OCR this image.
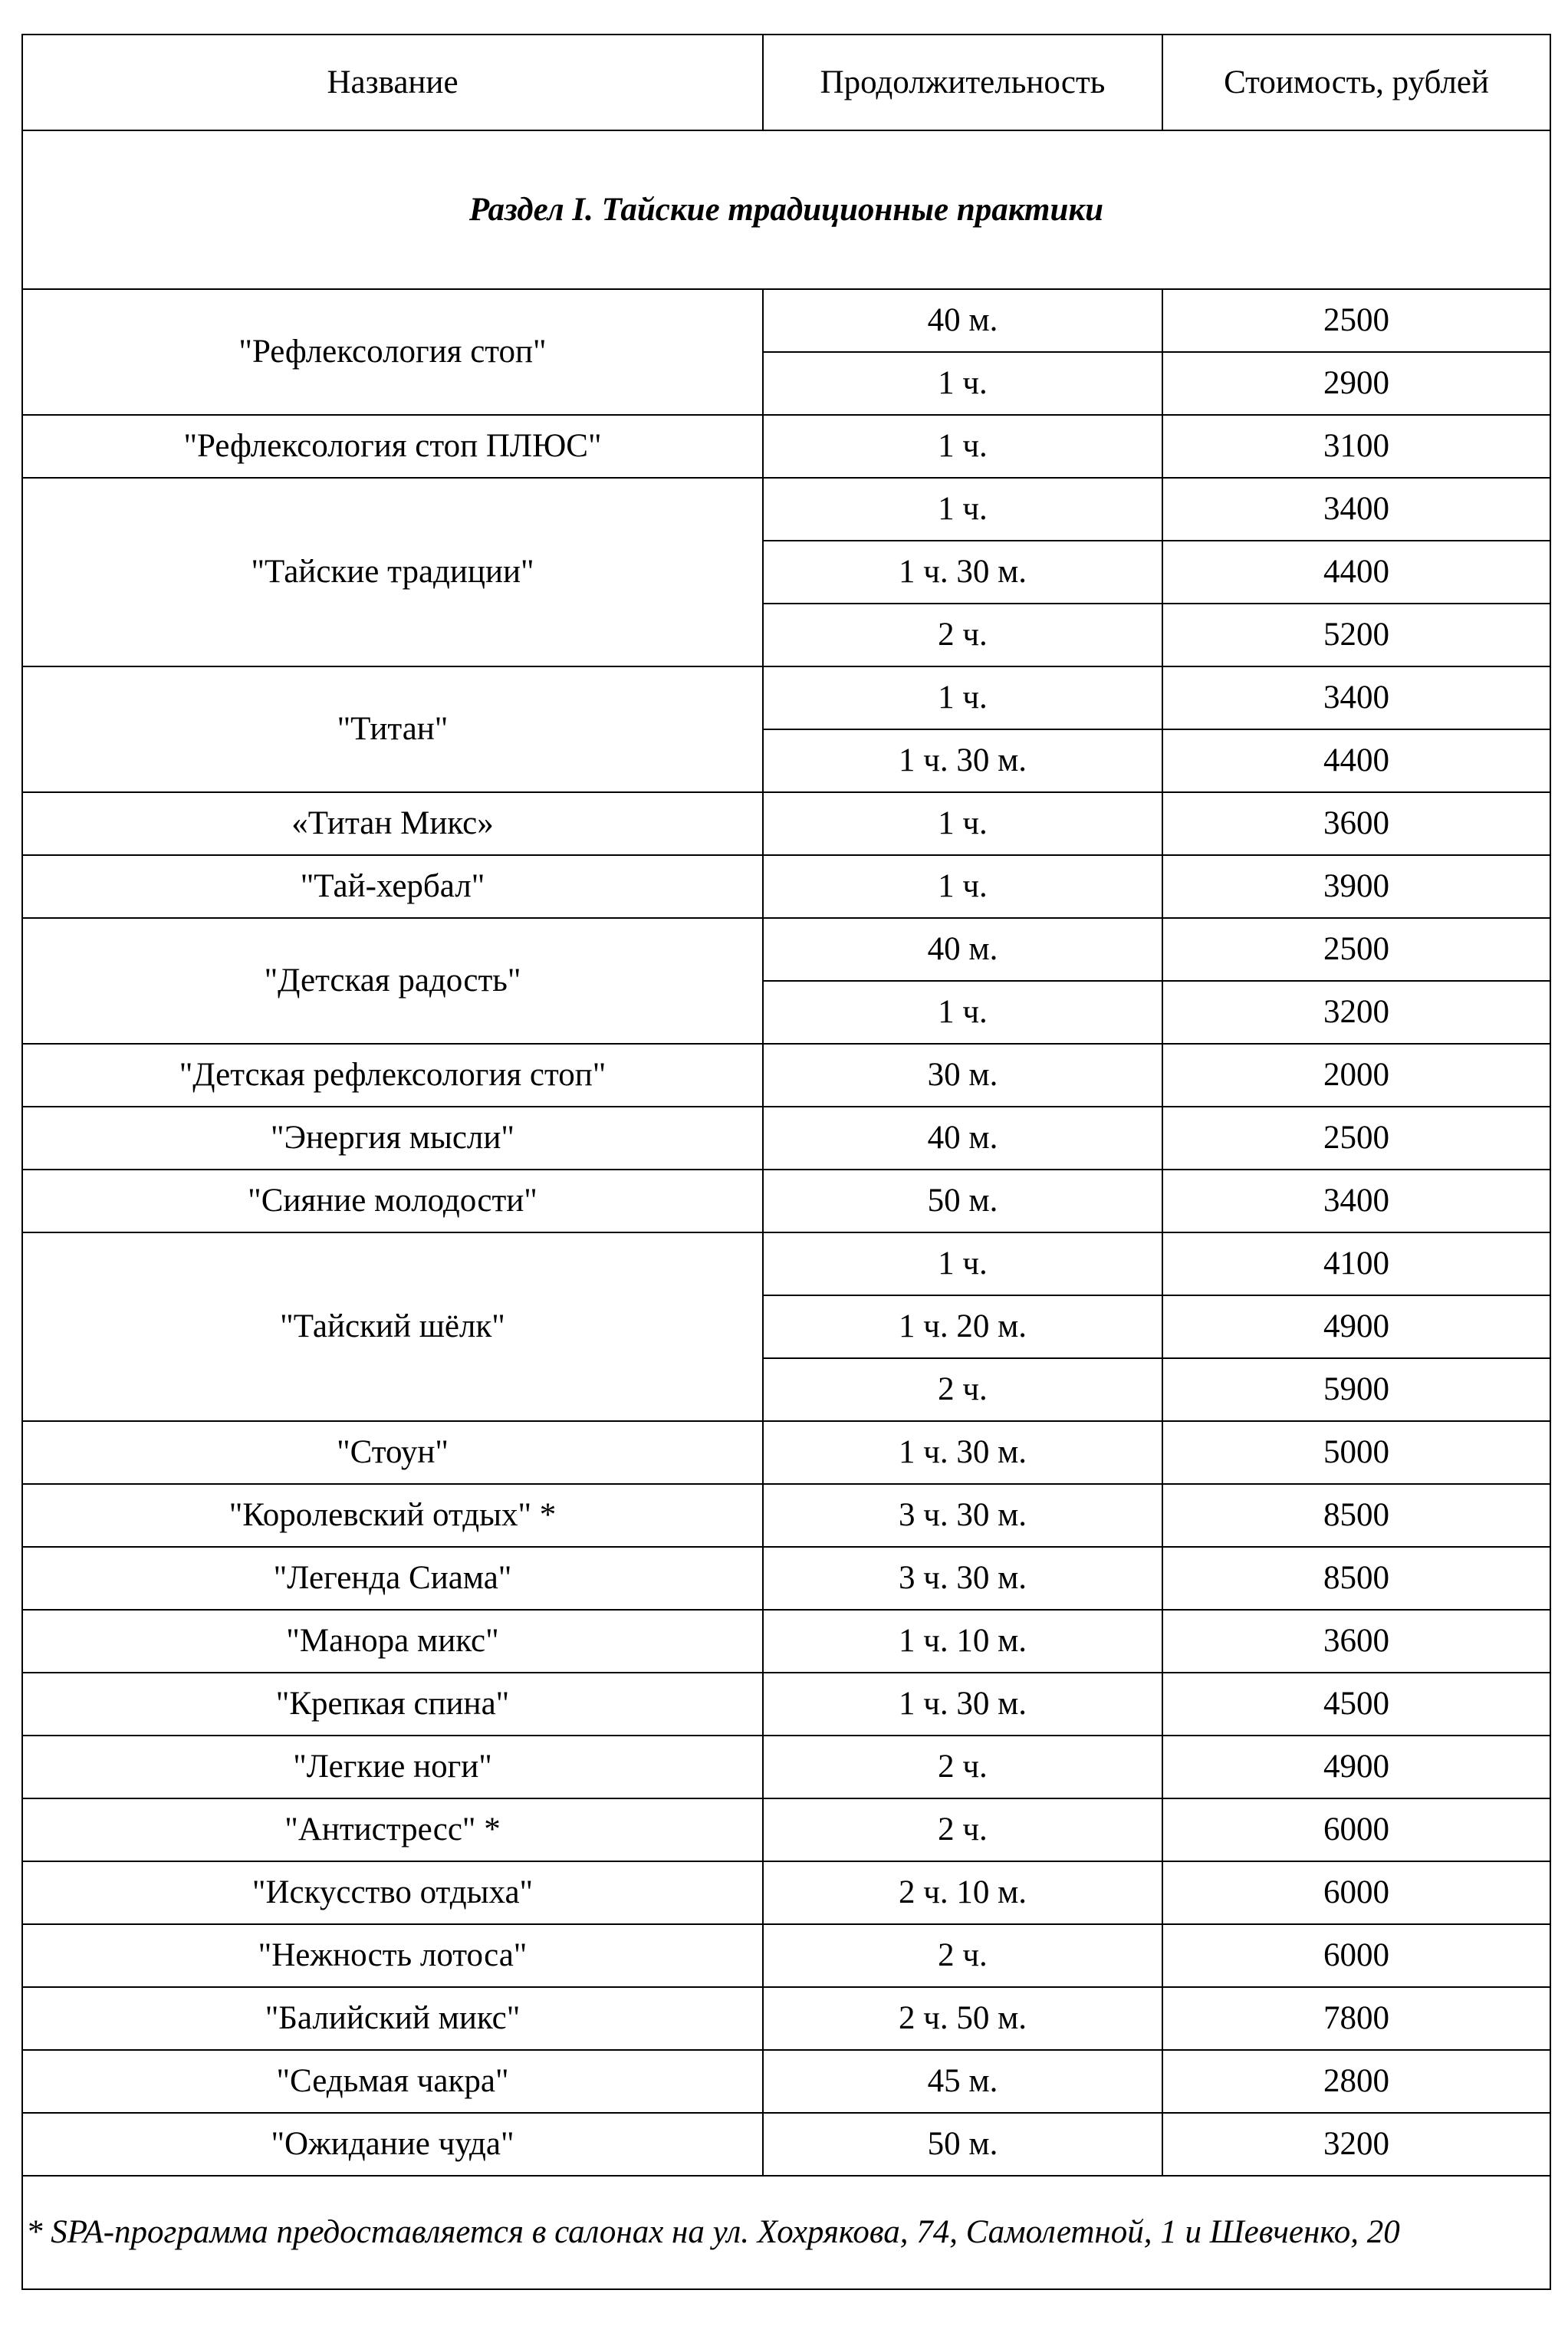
Название	Продолжительность	Стоимость, рублей
Раздел I. Тайские традиционные практики		
"Рефлексология стоп"	40 м.	2500
	1 ч.	2900
"Рефлексология стоп ПЛЮС"	1 ч.	3100
"Тайские традиции"	1 ч.	3400
	1 ч. 30 м.	4400
	2 ч.	5200
"Титан"	1 ч.	3400
	1 ч. 30 м.	4400
«Титан Микс»	1 ч.	3600
"Тай-хербал"	1 ч.	3900
"Детская радость"	40 м.	2500
	1 ч.	3200
"Детская рефлексология стоп"	30 м.	2000
"Энергия мысли"	40 м.	2500
"Сияние молодости"	50 м.	3400
"Тайский шёлк"	1 ч.	4100
	1 ч. 20 м.	4900
	2 ч.	5900
"Стоун"	1 ч. 30 м.	5000
"Королевский отдых" *	3 ч. 30 м.	8500
"Легенда Сиама"	3 ч. 30 м.	8500
"Манора микс"	1 ч. 10 м.	3600
"Крепкая спина"	1 ч. 30 м.	4500
"Легкие ноги"	2 ч.	4900
"Антистресс" *	2 ч.	6000
"Искусство отдыха"	2 ч. 10 м.	6000
"Нежность лотоса"	2 ч.	6000
"Балийский микс"	2 ч. 50 м.	7800
"Седьмая чакра"	45 м.	2800
"Ожидание чуда"	50 м.	3200
* SPA-программа предоставляется в салонах на ул. Хохрякова, 74, Самолетной, 1 и Шевченко, 20		
